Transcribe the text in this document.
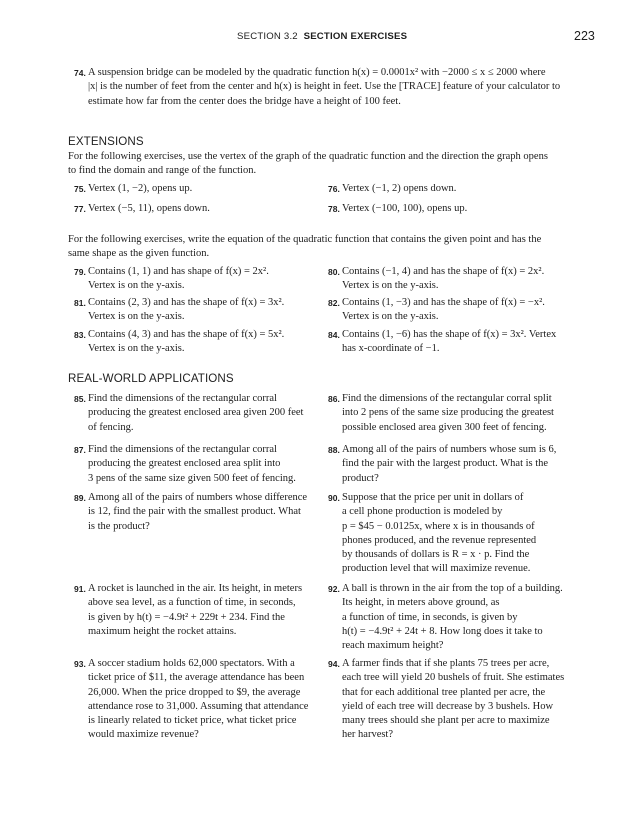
SECTION 3.2 SECTION EXERCISES	223
74. A suspension bridge can be modeled by the quadratic function h(x) = 0.0001x² with −2000 ≤ x ≤ 2000 where
|x| is the number of feet from the center and h(x) is height in feet. Use the [TRACE] feature of your calculator to
estimate how far from the center does the bridge have a height of 100 feet.
EXTENSIONS
For the following exercises, use the vertex of the graph of the quadratic function and the direction the graph opens
to find the domain and range of the function.
75. Vertex (1, −2), opens up.	76. Vertex (−1, 2) opens down.
77. Vertex (−5, 11), opens down.	78. Vertex (−100, 100), opens up.
For the following exercises, write the equation of the quadratic function that contains the given point and has the
same shape as the given function.
79. Contains (1, 1) and has shape of f(x) = 2x².
Vertex is on the y-axis.
80. Contains (−1, 4) and has the shape of f(x) = 2x².
Vertex is on the y-axis.
81. Contains (2, 3) and has the shape of f(x) = 3x².
Vertex is on the y-axis.
82. Contains (1, −3) and has the shape of f(x) = −x².
Vertex is on the y-axis.
83. Contains (4, 3) and has the shape of f(x) = 5x².
Vertex is on the y-axis.
84. Contains (1, −6) has the shape of f(x) = 3x². Vertex
has x-coordinate of −1.
REAL-WORLD APPLICATIONS
85. Find the dimensions of the rectangular corral
producing the greatest enclosed area given 200 feet
of fencing.
86. Find the dimensions of the rectangular corral split
into 2 pens of the same size producing the greatest
possible enclosed area given 300 feet of fencing.
87. Find the dimensions of the rectangular corral
producing the greatest enclosed area split into
3 pens of the same size given 500 feet of fencing.
88. Among all of the pairs of numbers whose sum is 6,
find the pair with the largest product. What is the
product?
89. Among all of the pairs of numbers whose difference
is 12, find the pair with the smallest product. What
is the product?
90. Suppose that the price per unit in dollars of
a cell phone production is modeled by
p = $45 − 0.0125x, where x is in thousands of
phones produced, and the revenue represented
by thousands of dollars is R = x · p. Find the
production level that will maximize revenue.
91. A rocket is launched in the air. Its height, in meters
above sea level, as a function of time, in seconds,
is given by h(t) = −4.9t² + 229t + 234. Find the
maximum height the rocket attains.
92. A ball is thrown in the air from the top of a building.
Its height, in meters above ground, as
a function of time, in seconds, is given by
h(t) = −4.9t² + 24t + 8. How long does it take to
reach maximum height?
93. A soccer stadium holds 62,000 spectators. With a
ticket price of $11, the average attendance has been
26,000. When the price dropped to $9, the average
attendance rose to 31,000. Assuming that attendance
is linearly related to ticket price, what ticket price
would maximize revenue?
94. A farmer finds that if she plants 75 trees per acre,
each tree will yield 20 bushels of fruit. She estimates
that for each additional tree planted per acre, the
yield of each tree will decrease by 3 bushels. How
many trees should she plant per acre to maximize
her harvest?
